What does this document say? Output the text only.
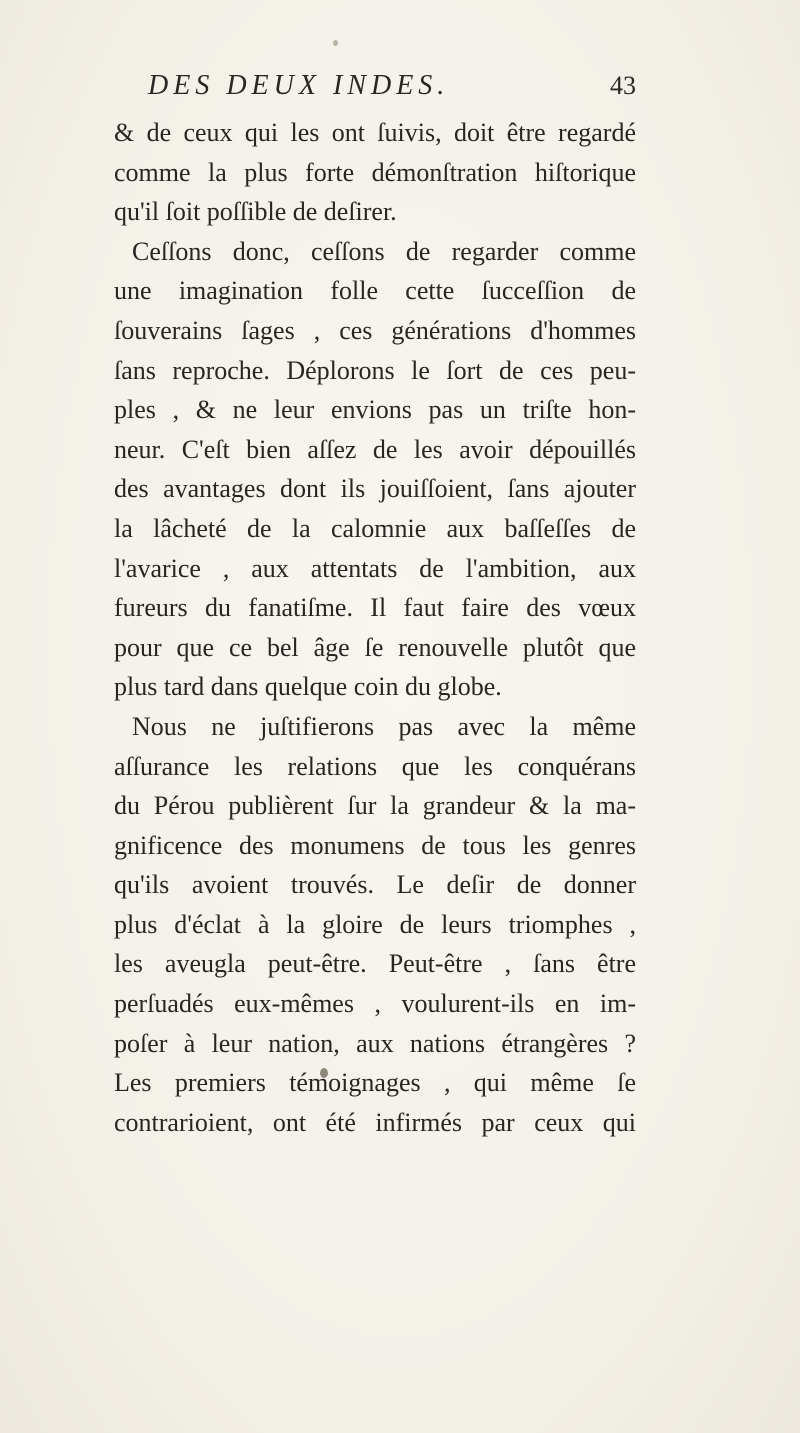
DES DEUX INDES.	43
& de ceux qui les ont ſuivis, doit être regardé
comme la plus forte démonſtration hiſtorique
qu'il ſoit poſſible de deſirer.
Ceſſons donc, ceſſons de regarder comme
une imagination folle cette ſucceſſion de
ſouverains ſages , ces générations d'hommes
ſans reproche. Déplorons le ſort de ces peu-
ples , & ne leur envions pas un triſte hon-
neur. C'eſt bien aſſez de les avoir dépouillés
des avantages dont ils jouiſſoient, ſans ajouter
la lâcheté de la calomnie aux baſſeſſes de
l'avarice , aux attentats de l'ambition, aux
fureurs du fanatiſme. Il faut faire des vœux
pour que ce bel âge ſe renouvelle plutôt que
plus tard dans quelque coin du globe.
Nous ne juſtifierons pas avec la même
aſſurance les relations que les conquérans
du Pérou publièrent ſur la grandeur & la ma-
gnificence des monumens de tous les genres
qu'ils avoient trouvés. Le deſir de donner
plus d'éclat à la gloire de leurs triomphes ,
les aveugla peut-être. Peut-être , ſans être
perſuadés eux-mêmes , voulurent-ils en im-
poſer à leur nation, aux nations étrangères ?
Les premiers témoignages , qui même ſe
contrarioient, ont été infirmés par ceux qui
